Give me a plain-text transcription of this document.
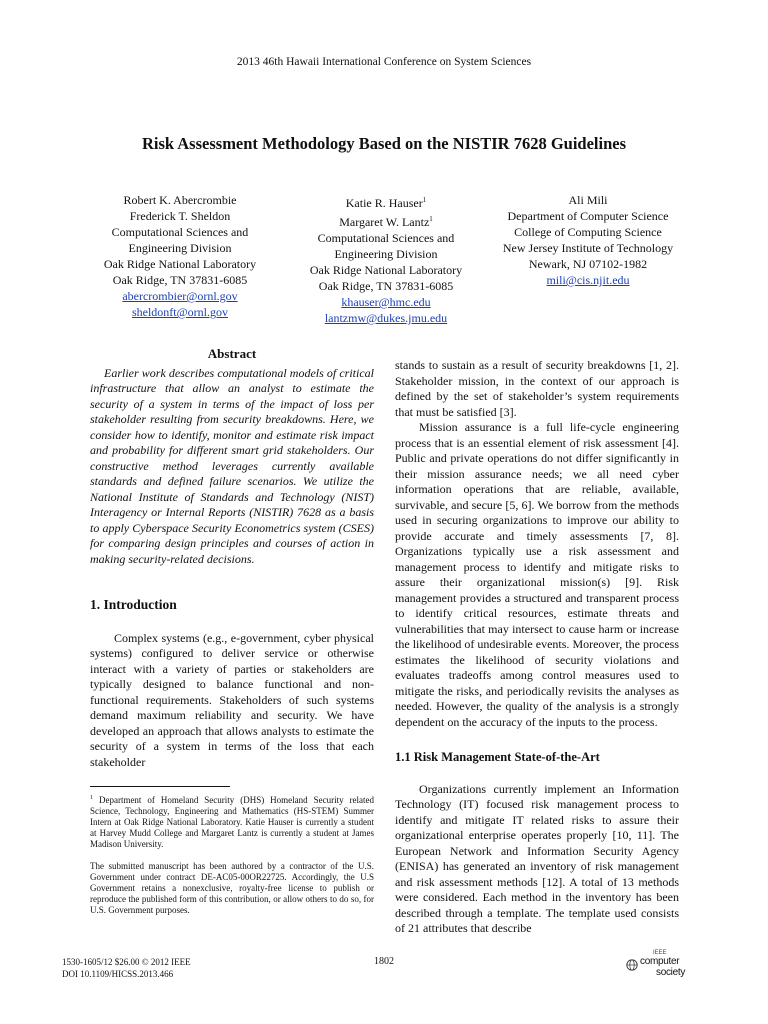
2013 46th Hawaii International Conference on System Sciences
Risk Assessment Methodology Based on the NISTIR 7628 Guidelines
Robert K. Abercrombie
Frederick T. Sheldon
Computational Sciences and
Engineering Division
Oak Ridge National Laboratory
Oak Ridge, TN 37831-6085
abercrombier@ornl.gov
sheldonft@ornl.gov
Katie R. Hauser$^1$
Margaret W. Lantz$^1$
Computational Sciences and
Engineering Division
Oak Ridge National Laboratory
Oak Ridge, TN 37831-6085
khauser@hmc.edu
lantzmw@dukes.jmu.edu
Ali Mili
Department of Computer Science
College of Computing Science
New Jersey Institute of Technology
Newark, NJ 07102-1982
mili@cis.njit.edu
Abstract

Earlier work describes computational models of critical infrastructure that allow an analyst to estimate the security of a system in terms of the impact of loss per stakeholder resulting from security breakdowns. Here, we consider how to identify, monitor and estimate risk impact and probability for different smart grid stakeholders. Our constructive method leverages currently available standards and defined failure scenarios. We utilize the National Institute of Standards and Technology (NIST) Interagency or Internal Reports (NISTIR) 7628 as a basis to apply Cyberspace Security Econometrics system (CSES) for comparing design principles and courses of action in making security-related decisions.

1. Introduction

Complex systems (e.g., e-government, cyber physical systems) configured to deliver service or otherwise interact with a variety of parties or stakeholders are typically designed to balance functional and non-functional requirements. Stakeholders of such systems demand maximum reliability and security. We have developed an approach that allows analysts to estimate the security of a system in terms of the loss that each stakeholder

$^1$ Department of Homeland Security (DHS) Homeland Security related Science, Technology, Engineering and Mathematics (HS-STEM) Summer Intern at Oak Ridge National Laboratory. Katie Hauser is currently a student at Harvey Mudd College and Margaret Lantz is currently a student at James Madison University.

The submitted manuscript has been authored by a contractor of the U.S. Government under contract DE-AC05-00OR22725. Accordingly, the U.S Government retains a nonexclusive, royalty-free license to publish or reproduce the published form of this contribution, or allow others to do so, for U.S. Government purposes.

stands to sustain as a result of security breakdowns [1, 2]. Stakeholder mission, in the context of our approach is defined by the set of stakeholder’s system requirements that must be satisfied [3].

Mission assurance is a full life-cycle engineering process that is an essential element of risk assessment [4]. Public and private operations do not differ significantly in their mission assurance needs; we all need cyber information operations that are reliable, available, survivable, and secure [5, 6]. We borrow from the methods used in securing organizations to improve our ability to provide accurate and timely assessments [7, 8]. Organizations typically use a risk assessment and management process to identify and mitigate risks to assure their organizational mission(s) [9]. Risk management provides a structured and transparent process to identify critical resources, estimate threats and vulnerabilities that may intersect to cause harm or increase the likelihood of undesirable events. Moreover, the process estimates the likelihood of security violations and evaluates tradeoffs among control measures used to mitigate the risks, and periodically revisits the analyses as needed. However, the quality of the analysis is a strongly dependent on the accuracy of the inputs to the process.

1.1 Risk Management State-of-the-Art

Organizations currently implement an Information Technology (IT) focused risk management process to identify and mitigate IT related risks to assure their organizational enterprise operates properly [10, 11]. The European Network and Information Security Agency (ENISA) has generated an inventory of risk management and risk assessment methods [12]. A total of 13 methods were considered. Each method in the inventory has been described through a template. The template used consists of 21 attributes that describe

1530-1605/12 $26.00 © 2012 IEEE
DOI 10.1109/HICSS.2013.466
1802
IEEE
computer
society
